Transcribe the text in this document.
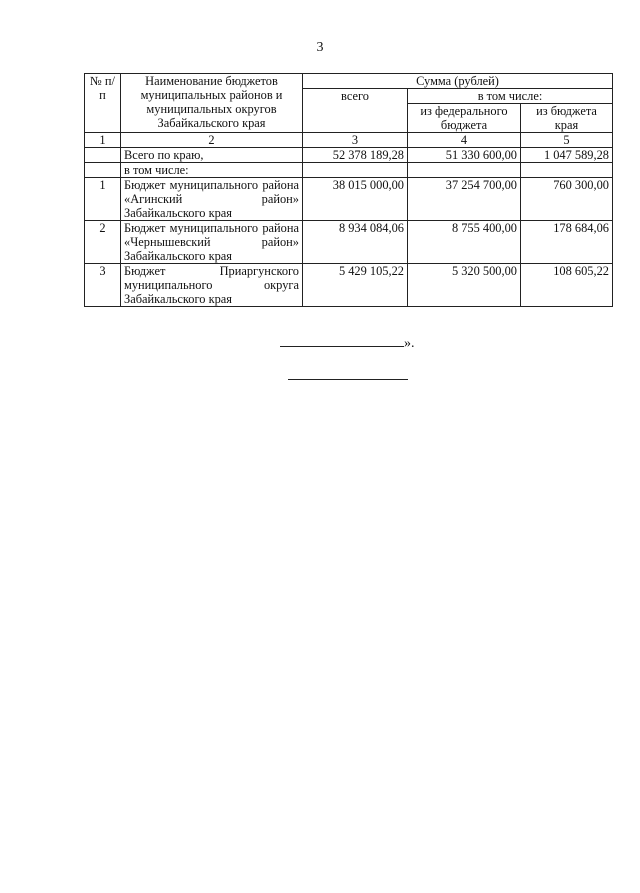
3
№ п/п	Наименование бюджетов муниципальных районов и муниципальных округов Забайкальского края	Сумма (рублей)		
		всего	в том числе:	
			из федерального бюджета	из бюджета края
1	2	3	4	5
	Всего по краю,	52 378 189,28	51 330 600,00	1 047 589,28
	в том числе:			
1	Бюджет муниципального района «Агинский район» Забайкальского края	38 015 000,00	37 254 700,00	760 300,00
2	Бюджет муниципального района «Чернышевский район» Забайкальского края	8 934 084,06	8 755 400,00	178 684,06
3	Бюджет Приаргунского муниципального округа Забайкальского края	5 429 105,22	5 320 500,00	108 605,22
».
